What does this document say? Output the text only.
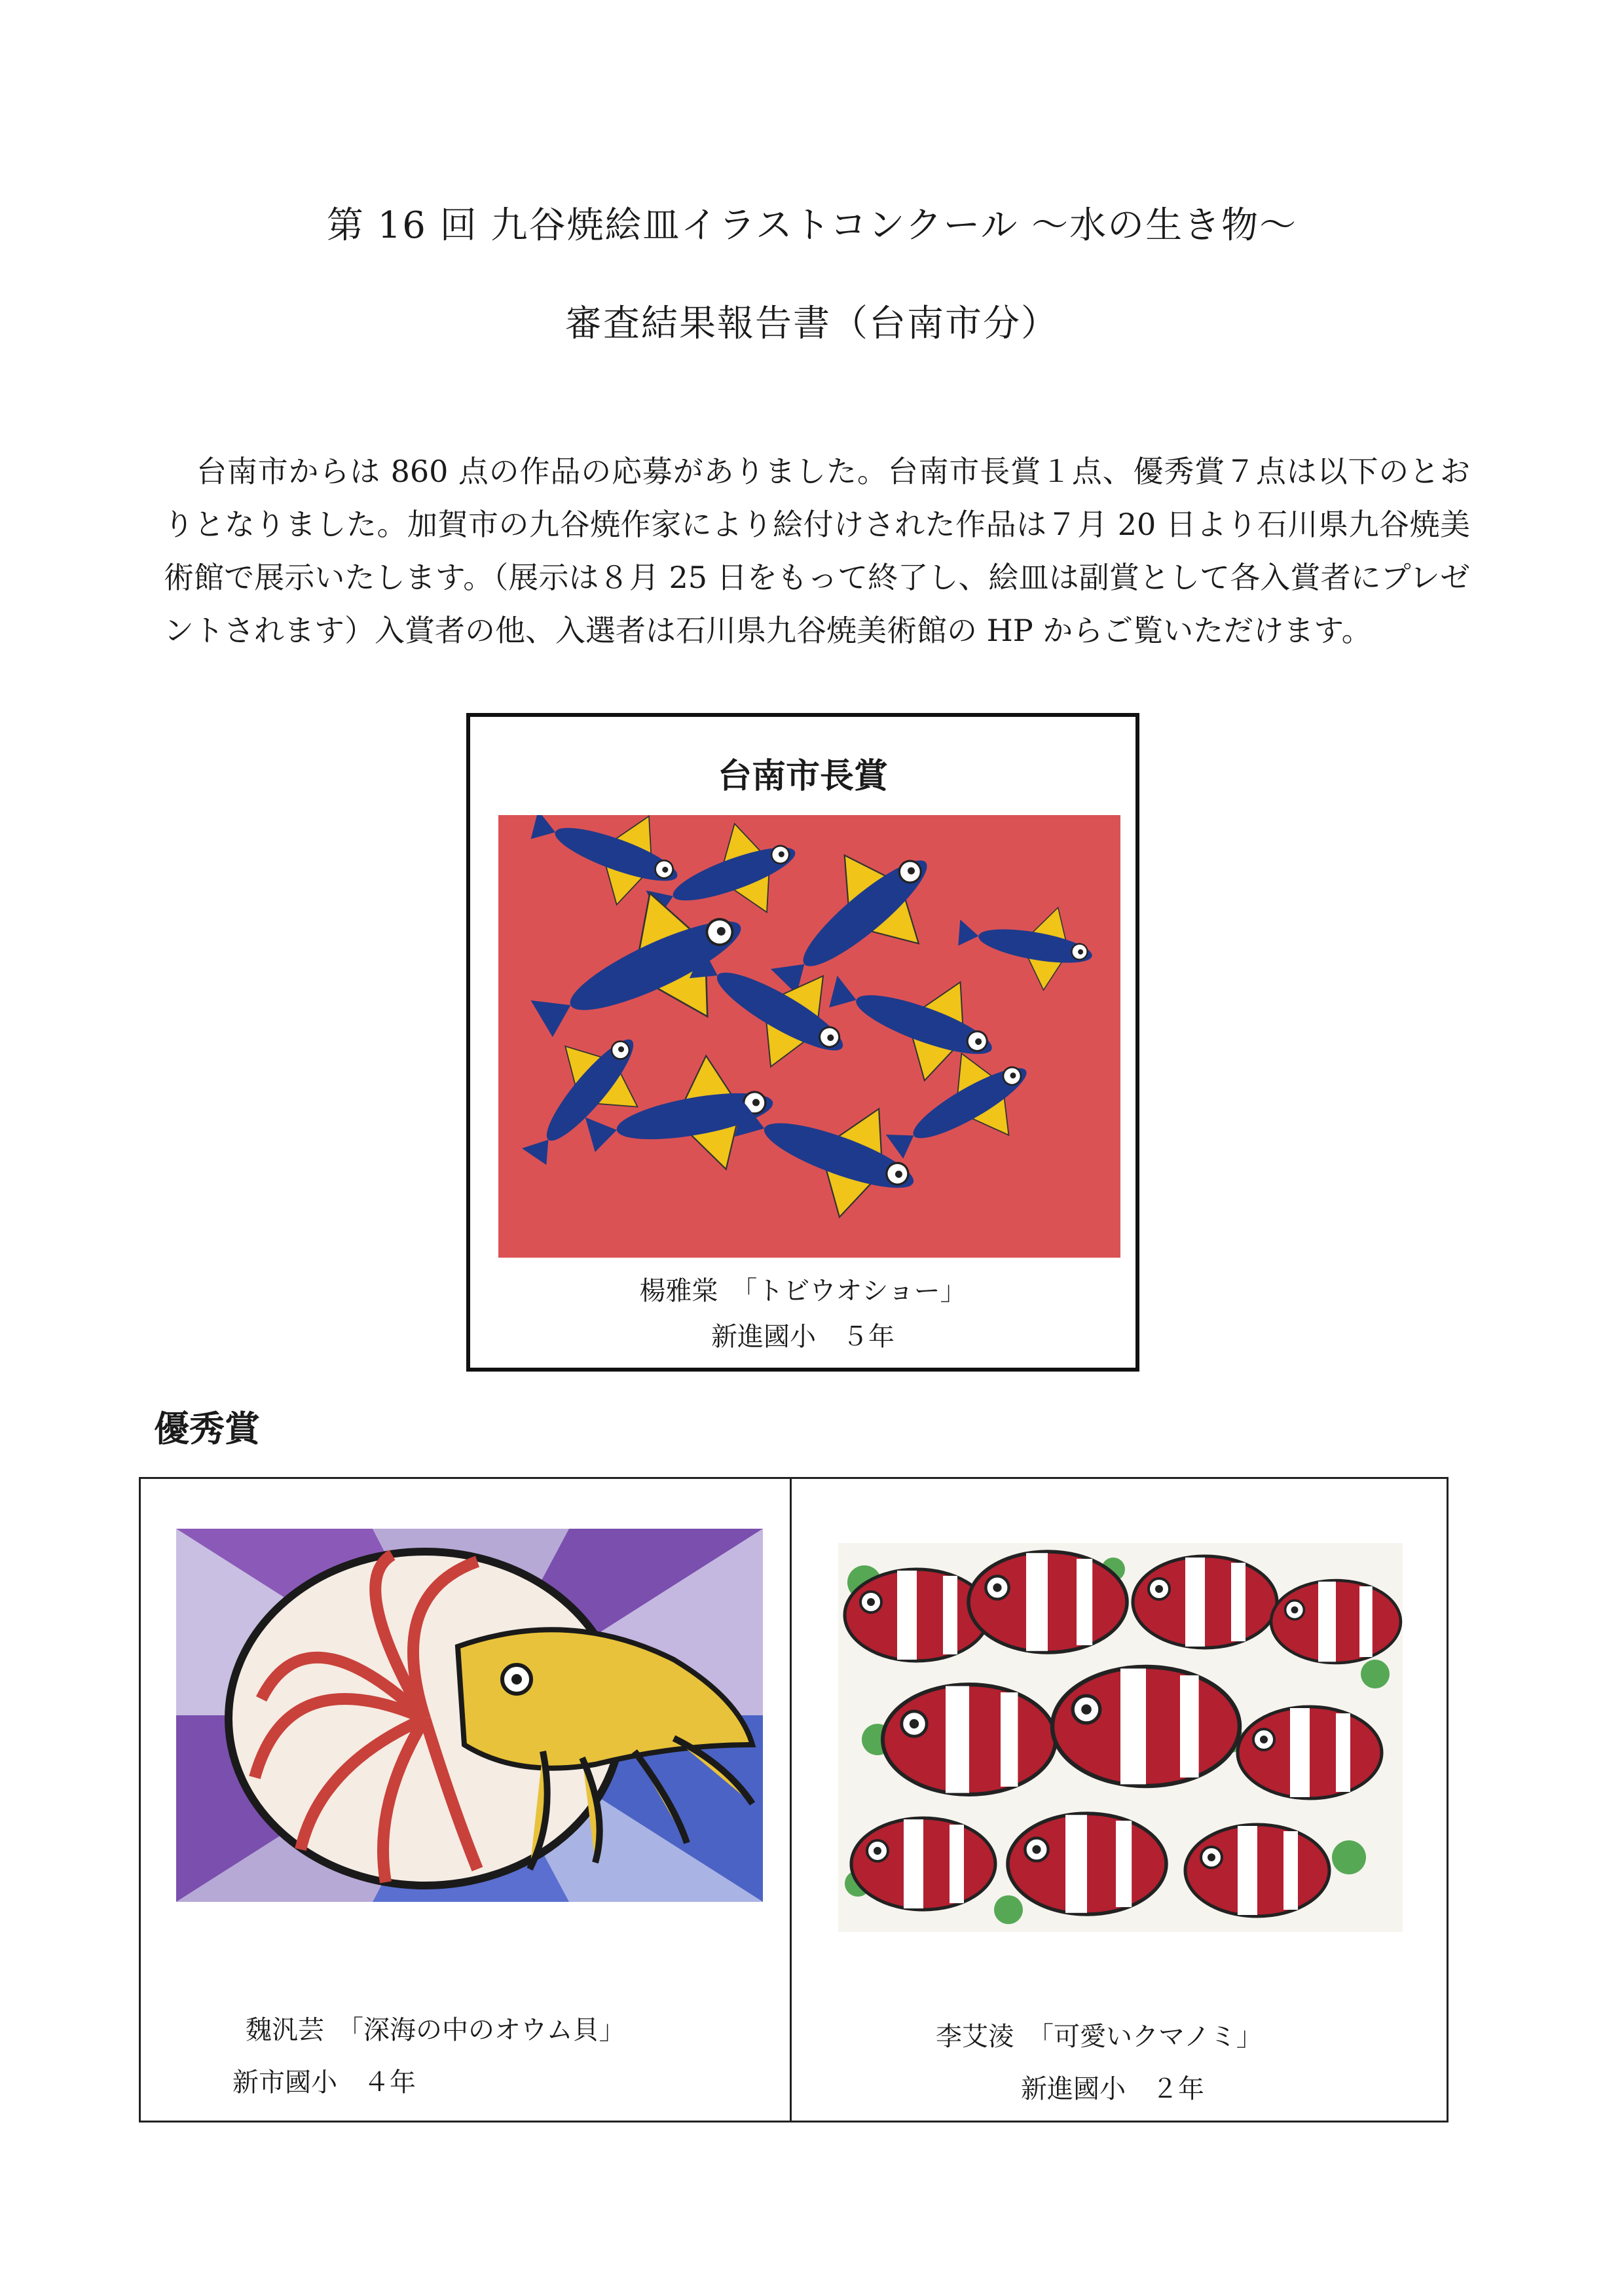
第 16 回 九谷焼絵皿イラストコンクール ～水の生き物～
審査結果報告書（台南市分）

台南市からは 860 点の作品の応募がありました。台南市長賞１点、優秀賞７点は以下のとおりとなりました。加賀市の九谷焼作家により絵付けされた作品は７月 20 日より石川県九谷焼美術館で展示いたします。（展示は８月 25 日をもって終了し、絵皿は副賞として各入賞者にプレゼントされます）入賞者の他、入選者は石川県九谷焼美術館の HP からご覧いただけます。

台南市長賞
楊雅棠　「トビウオショー」
新進國小　５年
優秀賞
魏汎芸　「深海の中のオウム貝」
新市國小　４年
李艾淩　「可愛いクマノミ」
新進國小　２年
